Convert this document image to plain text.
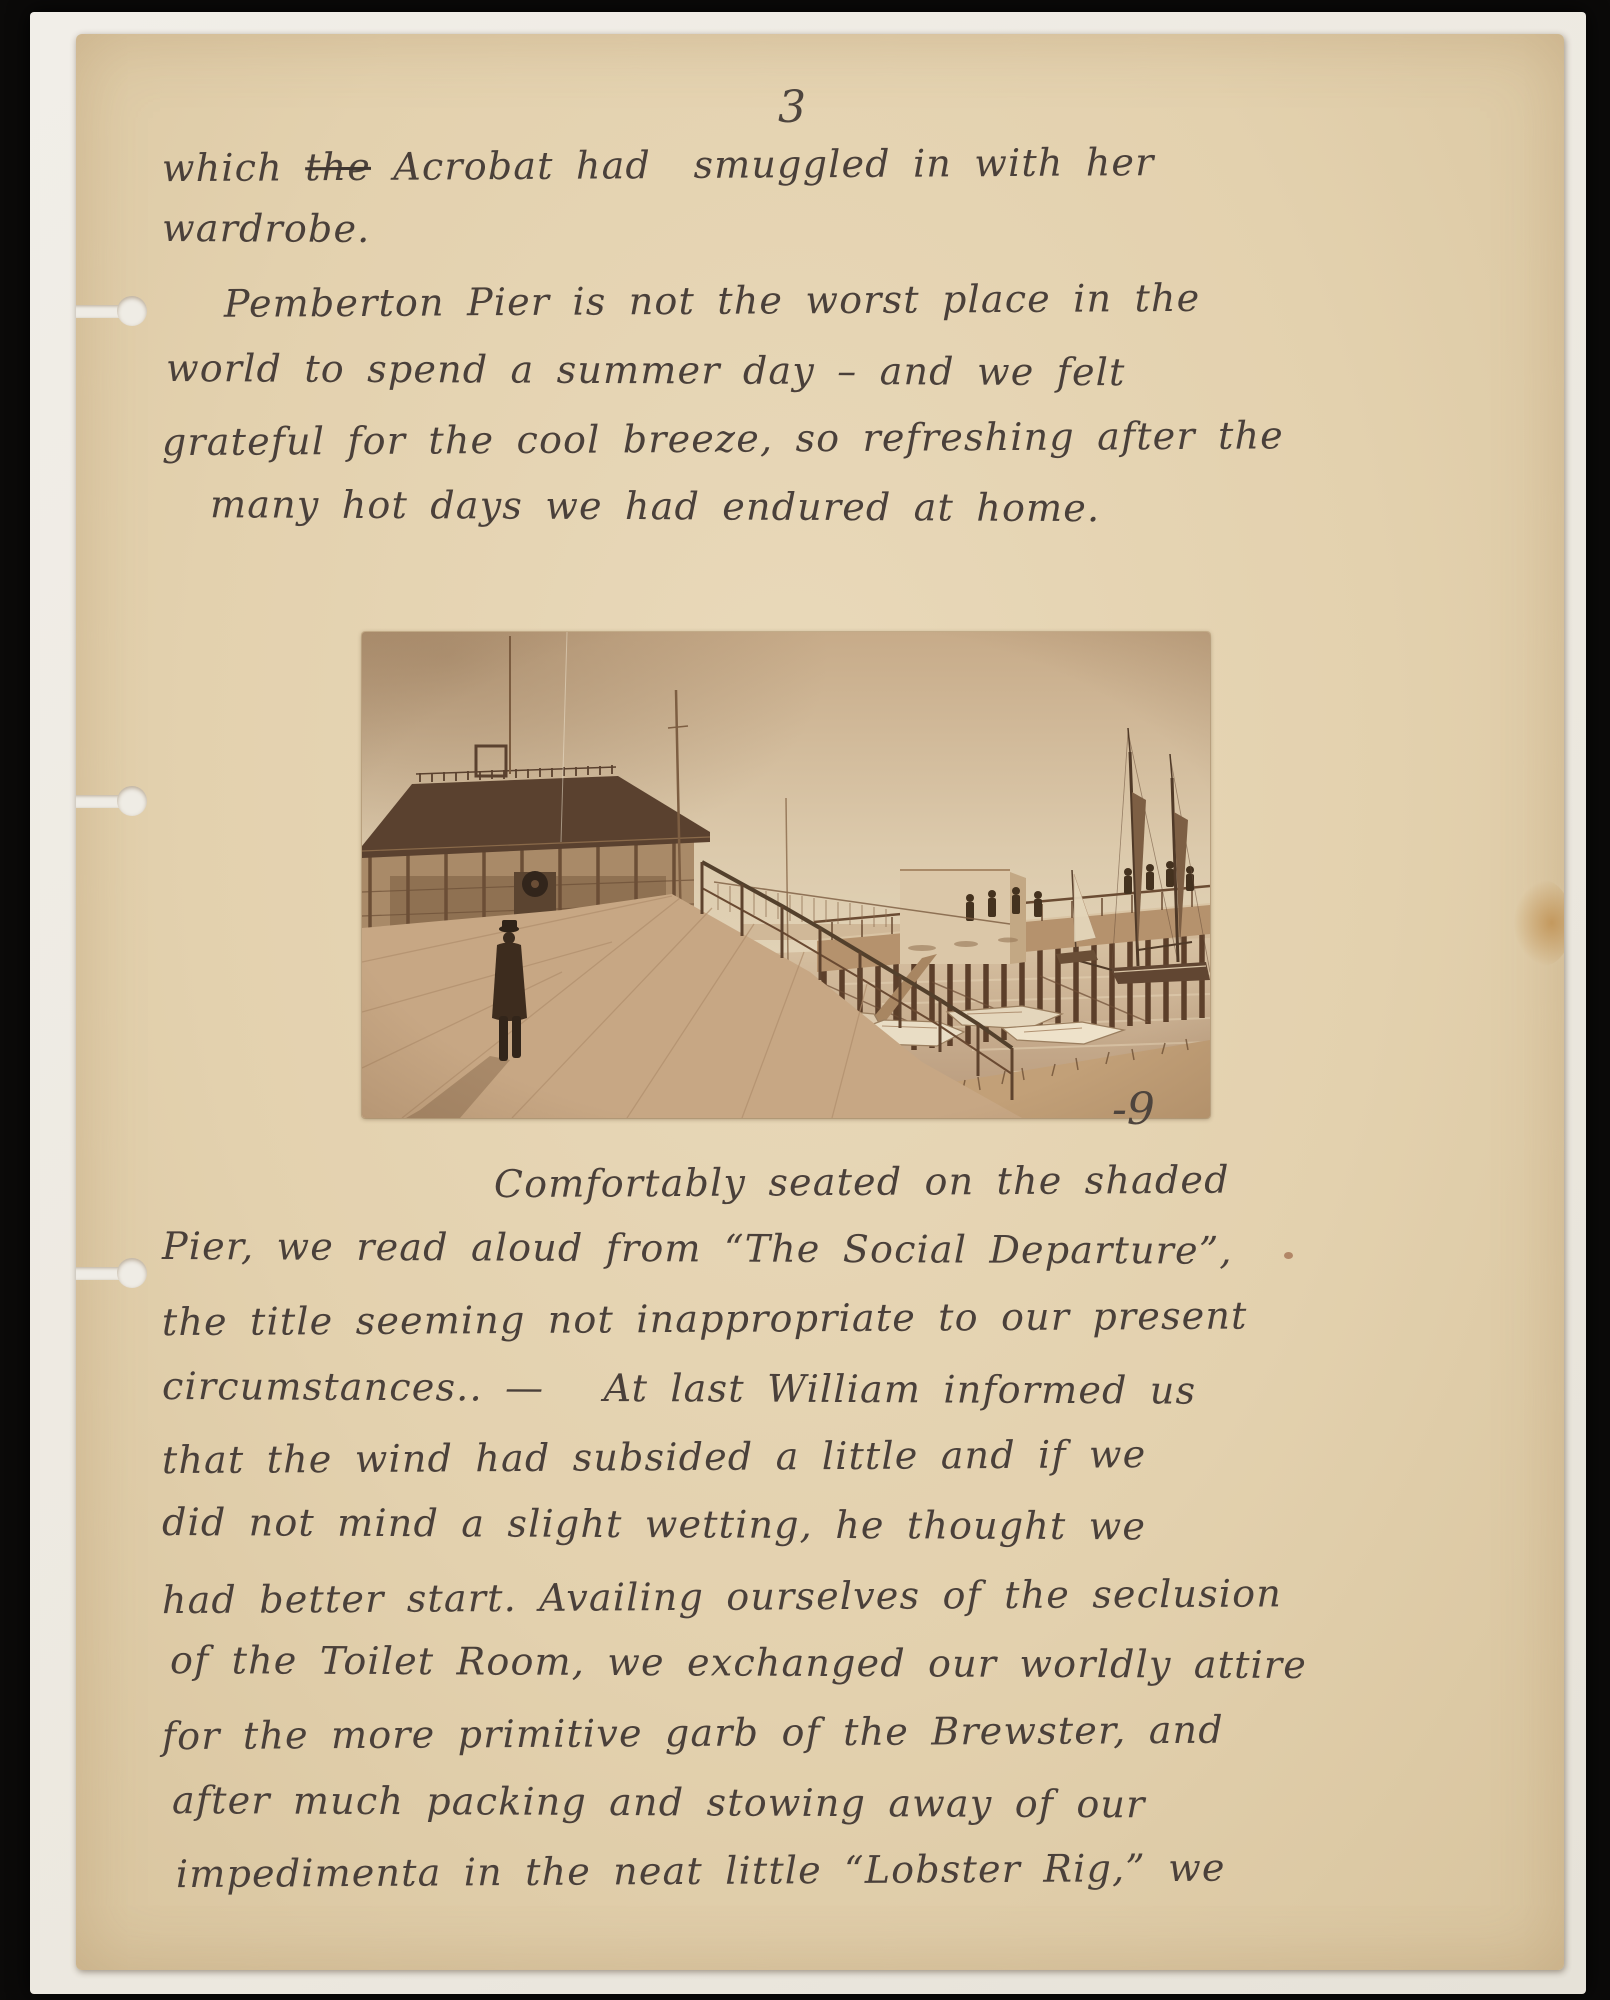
3
which the Acrobat had  smuggled in with her
wardrobe.
Pemberton Pier is not the worst place in the
world to spend a summer day – and we felt
grateful for the cool breeze, so refreshing after the
many hot days we had endured at home.
-9
Comfortably seated on the shaded
Pier, we read aloud from “The Social Departure”,
the title seeming not inappropriate to our present
circumstances.. —  At last William informed us
that the wind had subsided a little and if we
did not mind a slight wetting, he thought we
had better start. Availing ourselves of the seclusion
of the Toilet Room, we exchanged our worldly attire
for the more primitive garb of the Brewster, and
after much packing and stowing away of our
impedimenta in the neat little “Lobster Rig,” we
